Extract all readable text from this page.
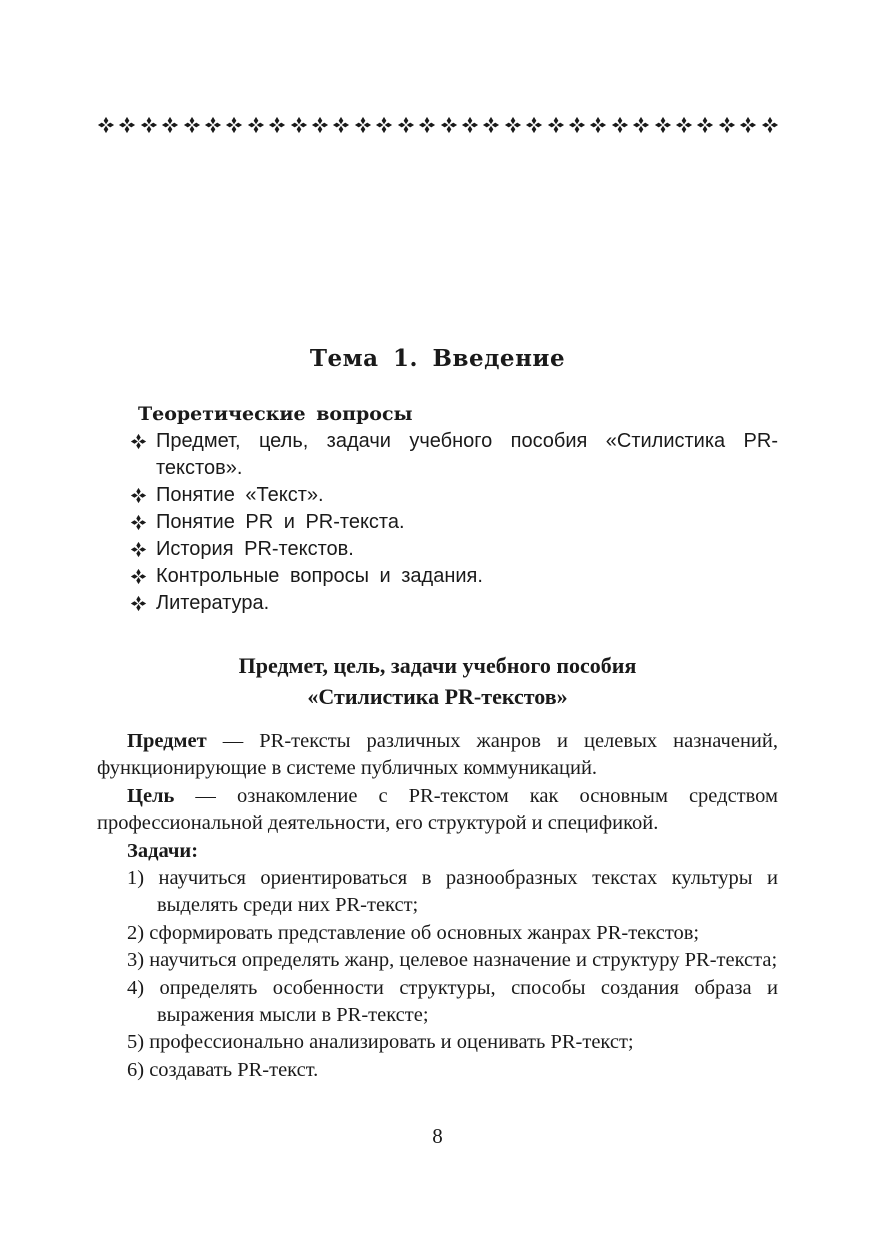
Тема 1. Введение
Теоретические вопросы
Предмет, цель, задачи учебного пособия «Стилистика PR-текстов».
Понятие «Текст».
Понятие PR и PR-текста.
История PR-текстов.
Контрольные вопросы и задания.
Литература.
Предмет, цель, задачи учебного пособия
«Стилистика PR-текстов»

Предмет — PR-тексты различных жанров и целевых назначений, функционирующие в системе публичных коммуникаций.

Цель — ознакомление с PR-текстом как основным средством профессиональной деятельности, его структурой и спецификой.

Задачи:

1) научиться ориентироваться в разнообразных текстах культуры и выделять среди них PR-текст;
2) сформировать представление об основных жанрах PR-текстов;
3) научиться определять жанр, целевое назначение и структуру PR-текста;
4) определять особенности структуры, способы создания образа и выражения мысли в PR-тексте;
5) профессионально анализировать и оценивать PR-текст;
6) создавать PR-текст.

8
